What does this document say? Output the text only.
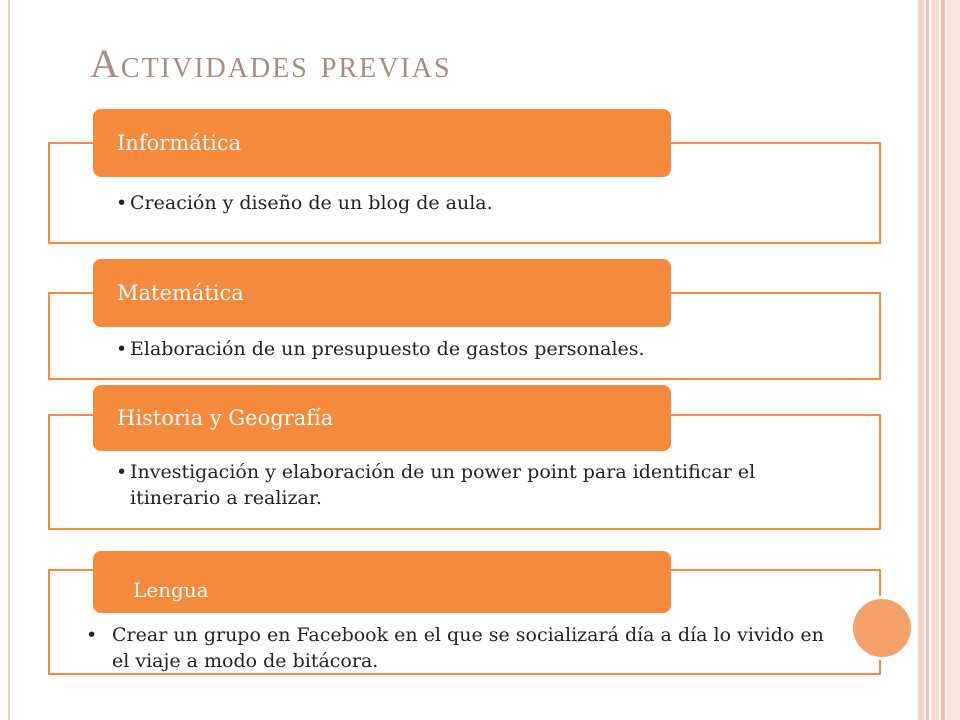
Actividades previas
Informática
• Creación y diseño de un blog de aula.
Matemática
• Elaboración de un presupuesto de gastos personales.
Historia y Geografía
• Investigación y elaboración de un power point para identificar el itinerario a realizar.
Lengua
• Crear un grupo en Facebook en el que se socializará día a día lo vivido en el viaje a modo de bitácora.
